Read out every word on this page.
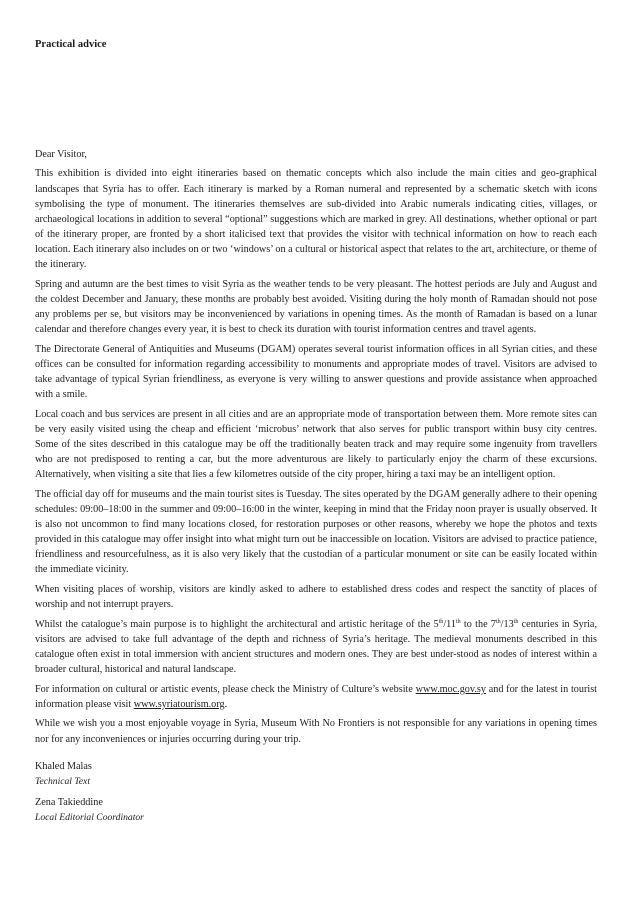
Practical advice

Dear Visitor,

This exhibition is divided into eight itineraries based on thematic concepts which also include the main cities and geo-graphical landscapes that Syria has to offer. Each itinerary is marked by a Roman numeral and represented by a schematic sketch with icons symbolising the type of monument. The itineraries themselves are sub-divided into Arabic numerals indicating cities, villages, or archaeological locations in addition to several “optional” suggestions which are marked in grey. All destinations, whether optional or part of the itinerary proper, are fronted by a short italicised text that provides the visitor with technical information on how to reach each location. Each itinerary also includes on or two ‘windows’ on a cultural or historical aspect that relates to the art, architecture, or theme of the itinerary.

Spring and autumn are the best times to visit Syria as the weather tends to be very pleasant. The hottest periods are July and August and the coldest December and January, these months are probably best avoided. Visiting during the holy month of Ramadan should not pose any problems per se, but visitors may be inconvenienced by variations in opening times. As the month of Ramadan is based on a lunar calendar and therefore changes every year, it is best to check its duration with tourist information centres and travel agents.

The Directorate General of Antiquities and Museums (DGAM) operates several tourist information offices in all Syrian cities, and these offices can be consulted for information regarding accessibility to monuments and appropriate modes of travel. Visitors are advised to take advantage of typical Syrian friendliness, as everyone is very willing to answer questions and provide assistance when approached with a smile.

Local coach and bus services are present in all cities and are an appropriate mode of transportation between them. More remote sites can be very easily visited using the cheap and efficient ‘microbus’ network that also serves for public transport within busy city centres. Some of the sites described in this catalogue may be off the traditionally beaten track and may require some ingenuity from travellers who are not predisposed to renting a car, but the more adventurous are likely to particularly enjoy the charm of these excursions. Alternatively, when visiting a site that lies a few kilometres outside of the city proper, hiring a taxi may be an intelligent option.

The official day off for museums and the main tourist sites is Tuesday. The sites operated by the DGAM generally adhere to their opening schedules: 09:00–18:00 in the summer and 09:00–16:00 in the winter, keeping in mind that the Friday noon prayer is usually observed. It is also not uncommon to find many locations closed, for restoration purposes or other reasons, whereby we hope the photos and texts provided in this catalogue may offer insight into what might turn out be inaccessible on location. Visitors are advised to practice patience, friendliness and resourcefulness, as it is also very likely that the custodian of a particular monument or site can be easily located within the immediate vicinity.

When visiting places of worship, visitors are kindly asked to adhere to established dress codes and respect the sanctity of places of worship and not interrupt prayers.

Whilst the catalogue’s main purpose is to highlight the architectural and artistic heritage of the 5th/11th to the 7th/13th centuries in Syria, visitors are advised to take full advantage of the depth and richness of Syria’s heritage. The medieval monuments described in this catalogue often exist in total immersion with ancient structures and modern ones. They are best under-stood as nodes of interest within a broader cultural, historical and natural landscape.

For information on cultural or artistic events, please check the Ministry of Culture’s website www.moc.gov.sy and for the latest in tourist information please visit www.syriatourism.org.

While we wish you a most enjoyable voyage in Syria, Museum With No Frontiers is not responsible for any variations in opening times nor for any inconveniences or injuries occurring during your trip.

Khaled Malas
Technical Text
Zena Takieddine
Local Editorial Coordinator
